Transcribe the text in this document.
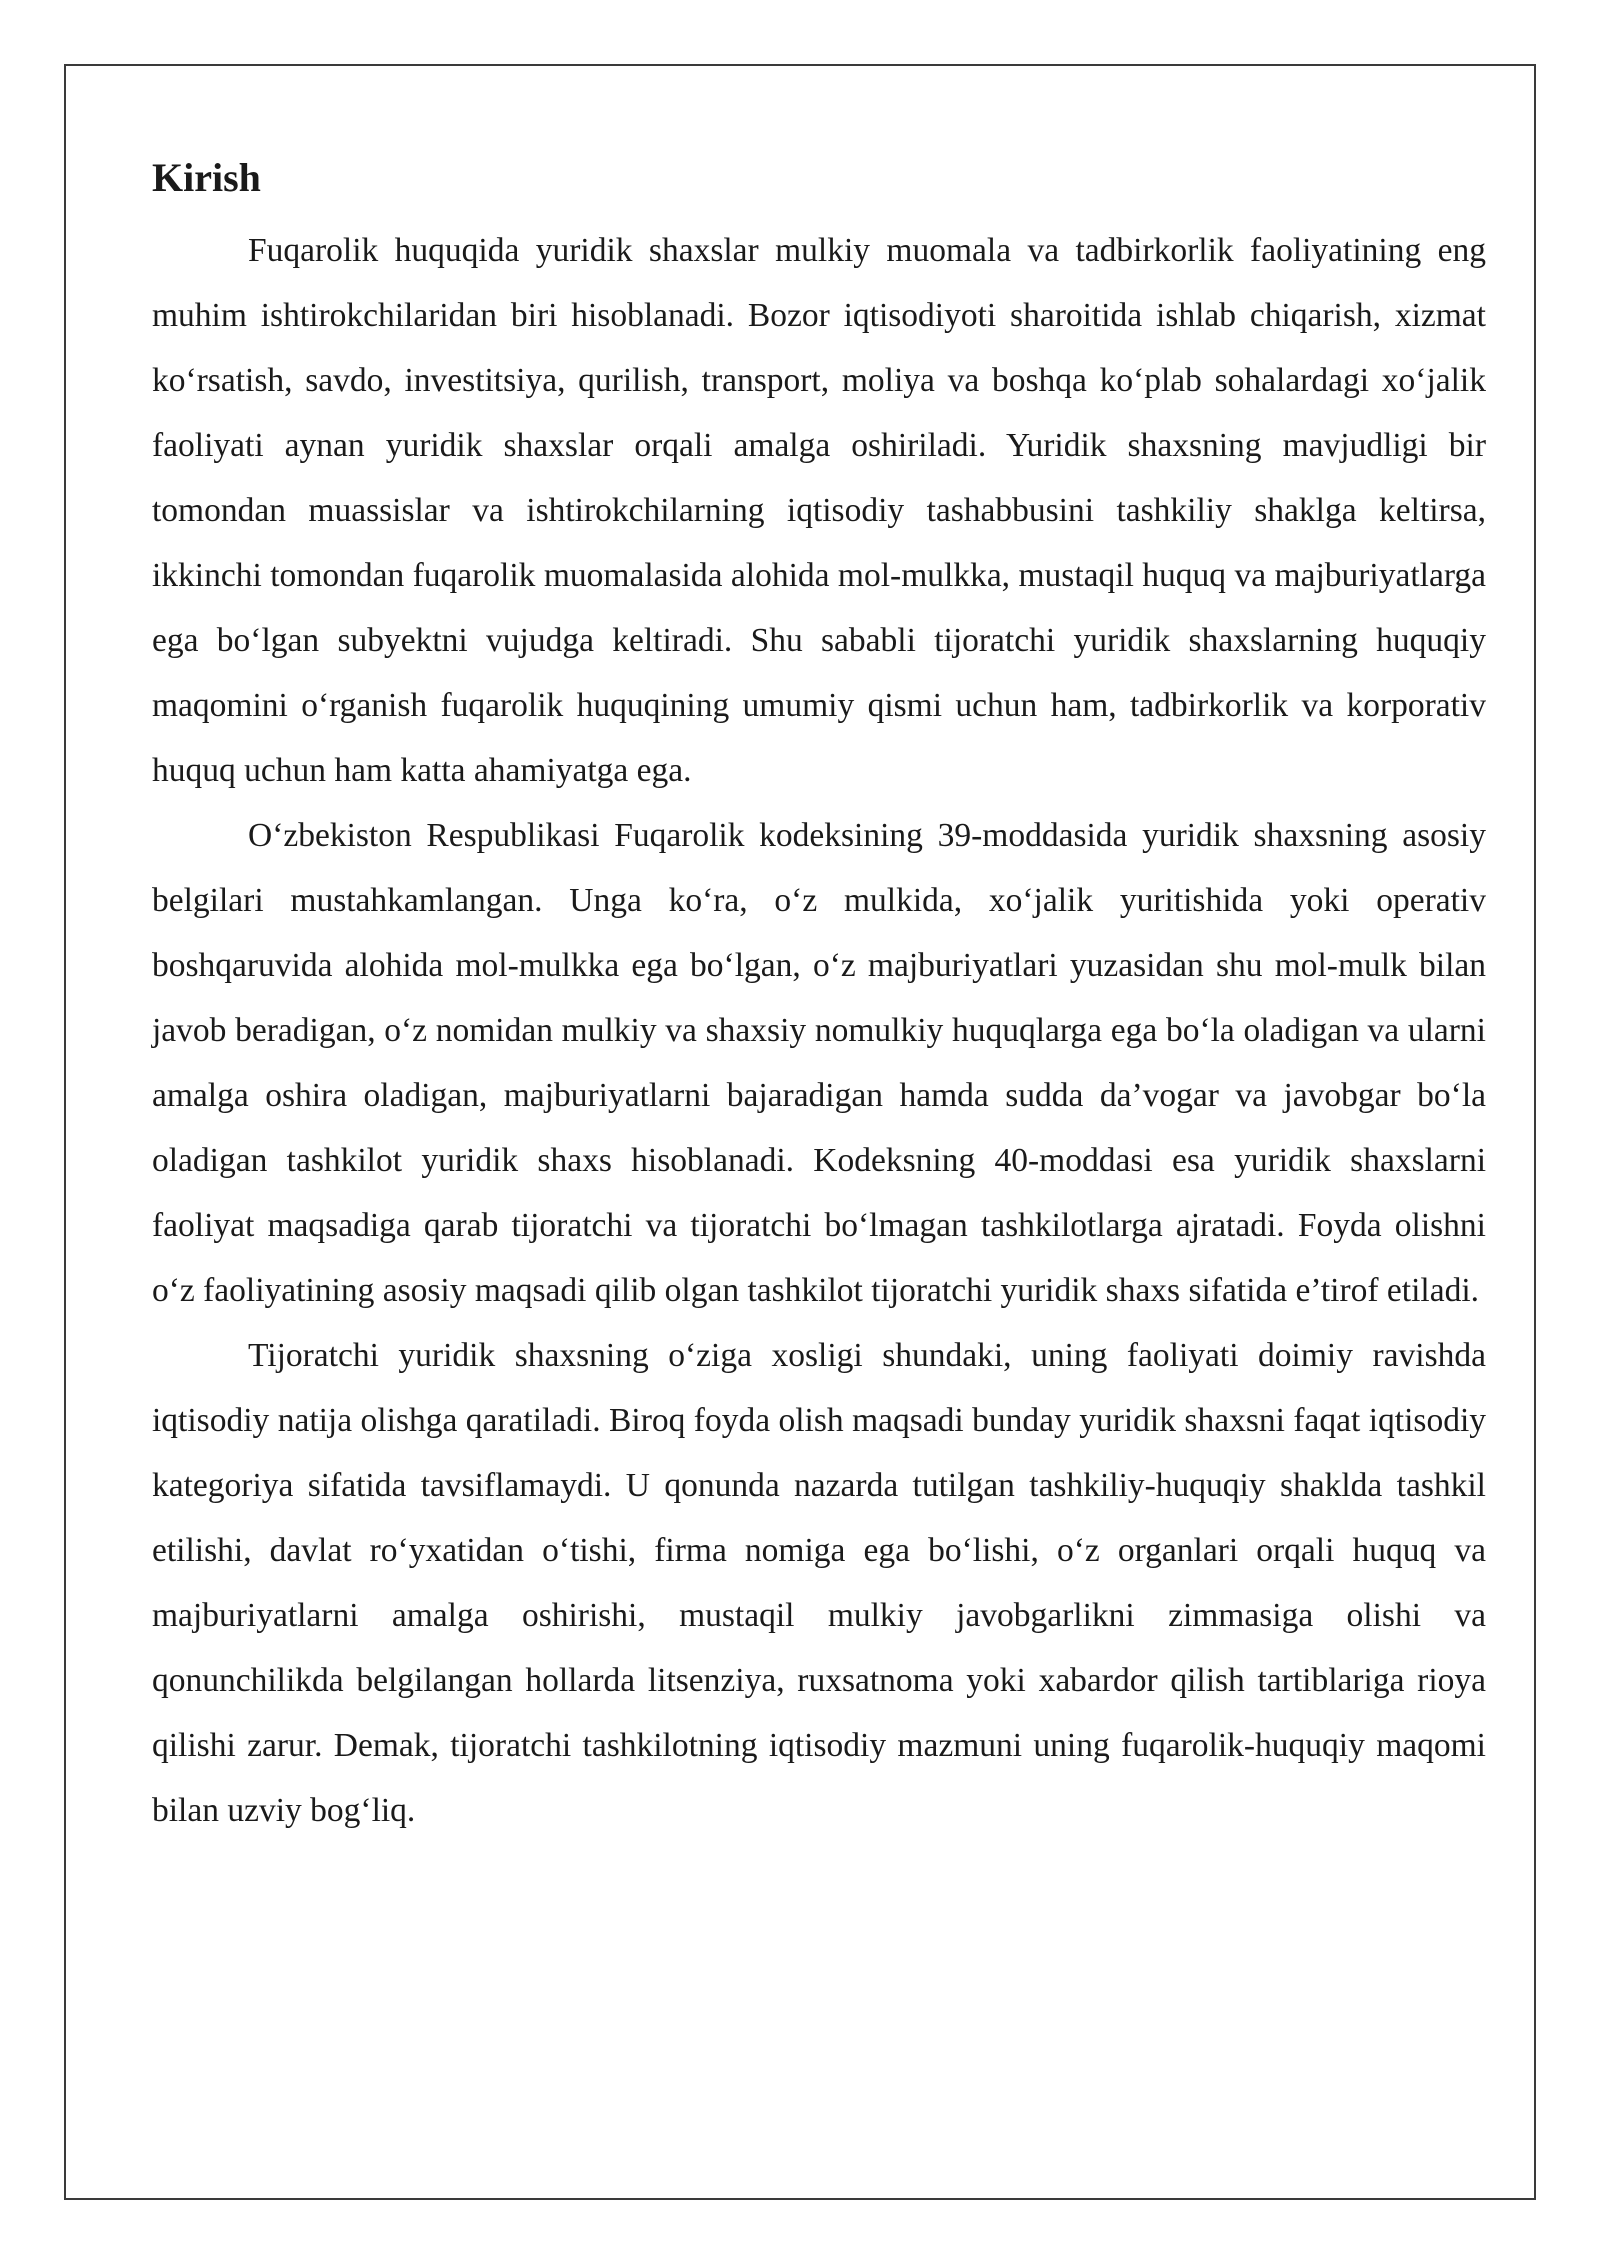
Kirish

Fuqarolik huquqida yuridik shaxslar mulkiy muomala va tadbirkorlik faoliyatining eng muhim ishtirokchilaridan biri hisoblanadi. Bozor iqtisodiyoti sharoitida ishlab chiqarish, xizmat ko‘rsatish, savdo, investitsiya, qurilish, transport, moliya va boshqa ko‘plab sohalardagi xo‘jalik faoliyati aynan yuridik shaxslar orqali amalga oshiriladi. Yuridik shaxsning mavjudligi bir tomondan muassislar va ishtirokchilarning iqtisodiy tashabbusini tashkiliy shaklga keltirsa, ikkinchi tomondan fuqarolik muomalasida alohida mol-mulkka, mustaqil huquq va majburiyatlarga ega bo‘lgan subyektni vujudga keltiradi. Shu sababli tijoratchi yuridik shaxslarning huquqiy maqomini o‘rganish fuqarolik huquqining umumiy qismi uchun ham, tadbirkorlik va korporativ huquq uchun ham katta ahamiyatga ega.

O‘zbekiston Respublikasi Fuqarolik kodeksining 39-moddasida yuridik shaxsning asosiy belgilari mustahkamlangan. Unga ko‘ra, o‘z mulkida, xo‘jalik yuritishida yoki operativ boshqaruvida alohida mol-mulkka ega bo‘lgan, o‘z majburiyatlari yuzasidan shu mol-mulk bilan javob beradigan, o‘z nomidan mulkiy va shaxsiy nomulkiy huquqlarga ega bo‘la oladigan va ularni amalga oshira oladigan, majburiyatlarni bajaradigan hamda sudda da’vogar va javobgar bo‘la oladigan tashkilot yuridik shaxs hisoblanadi. Kodeksning 40-moddasi esa yuridik shaxslarni faoliyat maqsadiga qarab tijoratchi va tijoratchi bo‘lmagan tashkilotlarga ajratadi. Foyda olishni o‘z faoliyatining asosiy maqsadi qilib olgan tashkilot tijoratchi yuridik shaxs sifatida e’tirof etiladi.

Tijoratchi yuridik shaxsning o‘ziga xosligi shundaki, uning faoliyati doimiy ravishda iqtisodiy natija olishga qaratiladi. Biroq foyda olish maqsadi bunday yuridik shaxsni faqat iqtisodiy kategoriya sifatida tavsiflamaydi. U qonunda nazarda tutilgan tashkiliy-huquqiy shaklda tashkil etilishi, davlat ro‘yxatidan o‘tishi, firma nomiga ega bo‘lishi, o‘z organlari orqali huquq va majburiyatlarni amalga oshirishi, mustaqil mulkiy javobgarlikni zimmasiga olishi va qonunchilikda belgilangan hollarda litsenziya, ruxsatnoma yoki xabardor qilish tartiblariga rioya qilishi zarur. Demak, tijoratchi tashkilotning iqtisodiy mazmuni uning fuqarolik-huquqiy maqomi bilan uzviy bog‘liq.
